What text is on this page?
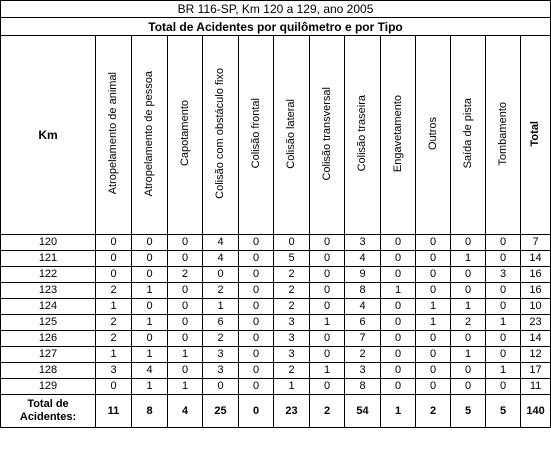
BR 116-SP, Km 120 a 129, ano 2005													
Total de Acidentes por quilômetro e por Tipo													
Km	Atropelamento de animal	Atropelamento de pessoa	Capotamento	Colisão com obstáculo fixo	Colisão frontal	Colisão lateral	Colisão transversal	Colisão traseira	Engavetamento	Outros	Saída de pista	Tombamento	Total
120	0	0	0	4	0	0	0	3	0	0	0	0	7
121	0	0	0	4	0	5	0	4	0	0	1	0	14
122	0	0	2	0	0	2	0	9	0	0	0	3	16
123	2	1	0	2	0	2	0	8	1	0	0	0	16
124	1	0	0	1	0	2	0	4	0	1	1	0	10
125	2	1	0	6	0	3	1	6	0	1	2	1	23
126	2	0	0	2	0	3	0	7	0	0	0	0	14
127	1	1	1	3	0	3	0	2	0	0	1	0	12
128	3	4	0	3	0	2	1	3	0	0	0	1	17
129	0	1	1	0	0	1	0	8	0	0	0	0	11
Total de Acidentes:	11	8	4	25	0	23	2	54	1	2	5	5	140
